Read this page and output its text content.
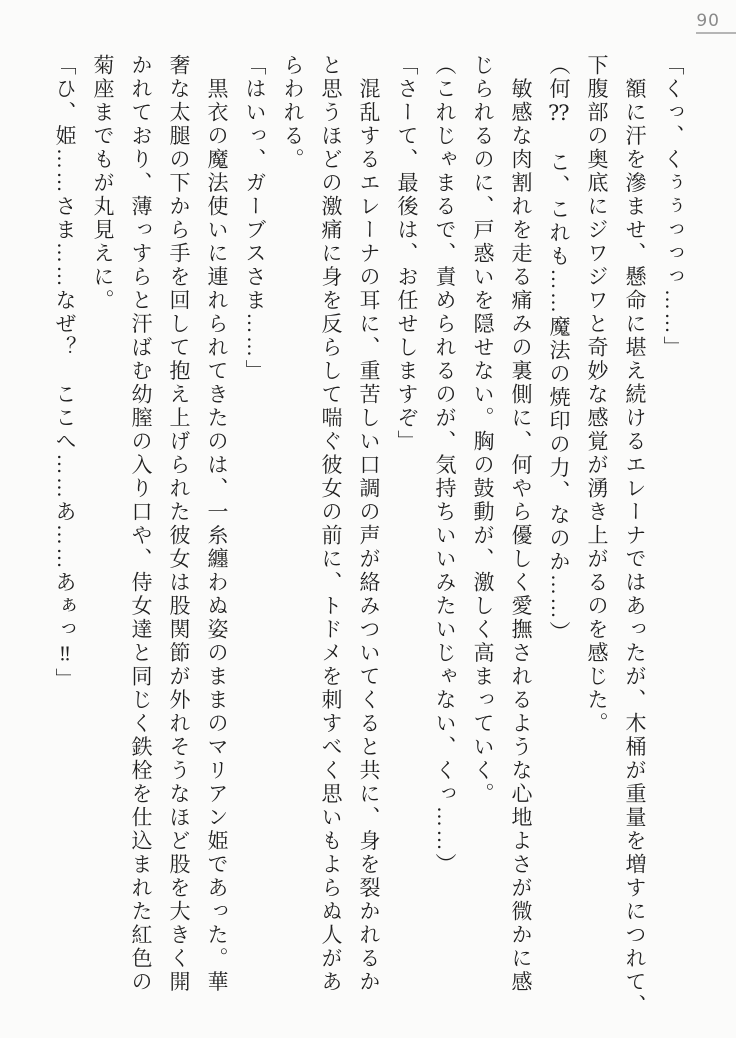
90

「くっ、くぅぅっっっ……」

　額に汗を滲ませ、懸命に堪え続けるエレーナではあったが、木桶が重量を増すにつれて、

下腹部の奥底にジワジワと奇妙な感覚が湧き上がるのを感じた。

（何⁇　こ、これも……魔法の焼印の力、なのか……）

　敏感な肉割れを走る痛みの裏側に、何やら優しく愛撫されるような心地よさが微かに感

じられるのに、戸惑いを隠せない。胸の鼓動が、激しく高まっていく。

（これじゃまるで、責められるのが、気持ちいいみたいじゃない、くっ……）

「さーて、最後は、お任せしますぞ」

　混乱するエレーナの耳に、重苦しい口調の声が絡みついてくると共に、身を裂かれるか

と思うほどの激痛に身を反らして喘ぐ彼女の前に、トドメを刺すべく思いもよらぬ人があ

らわれる。

「はいっ、ガーブスさま……」

　黒衣の魔法使いに連れられてきたのは、一糸纏わぬ姿のままのマリアン姫であった。華

奢な太腿の下から手を回して抱え上げられた彼女は股関節が外れそうなほど股を大きく開

かれており、薄っすらと汗ばむ幼膣の入り口や、侍女達と同じく鉄栓を仕込まれた紅色の

菊座までもが丸見えに。

「ひ、姫……さま……なぜ？　ここへ……あ……あぁっ‼」
